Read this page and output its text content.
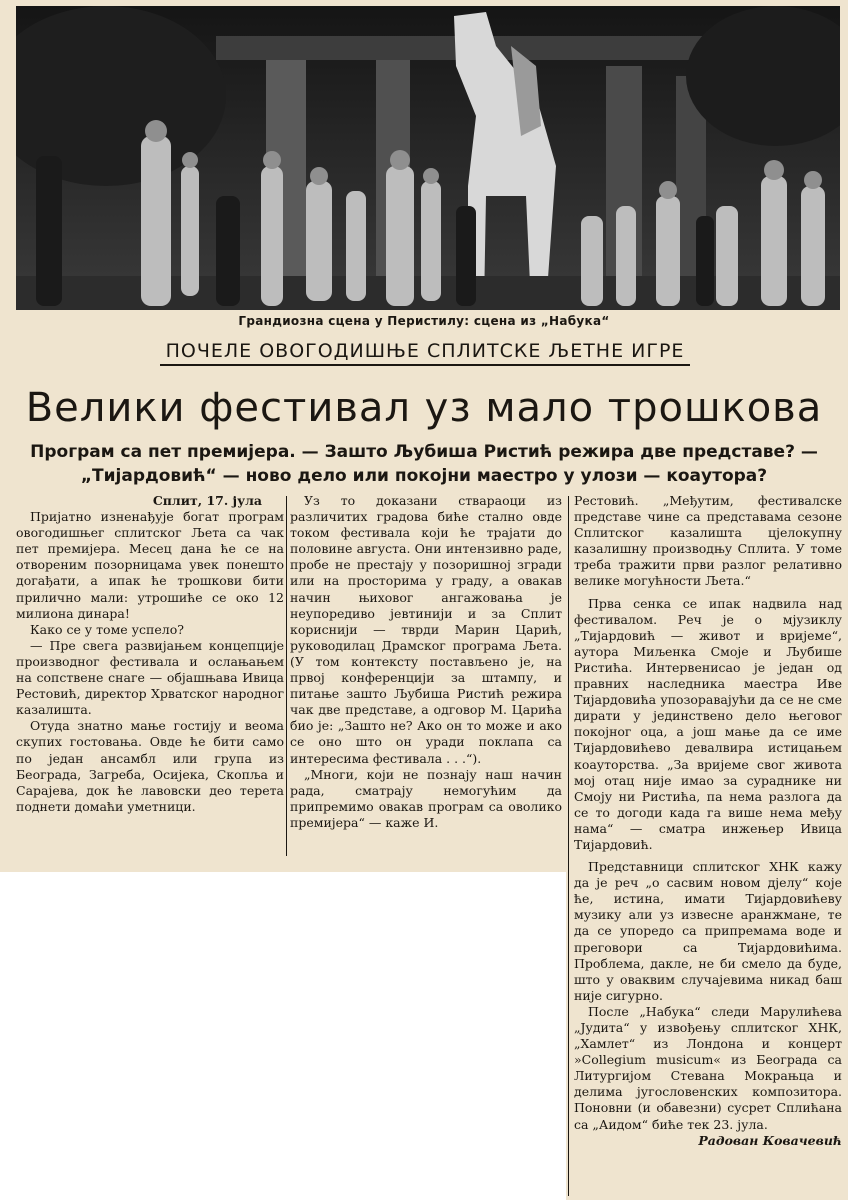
Грандиозна сцена у Перистилу: сцена из „Набука“
ПОЧЕЛЕ ОВОГОДИШЊЕ СПЛИТСКЕ ЉЕТНЕ ИГРЕ
Велики фестивал уз мало трошкова
Програм са пет премијера. — Зашто Љубиша Ристић режира две представе? —
„Тијардовић“ — ново дело или покојни маестро у улози — коаутора?

Сплит, 17. јула

Пријатно изненађује богат програм овогодишњег сплитског Љета са чак пет премијера. Месец дана ће се на отвореним позорницама увек понешто догађати, а ипак ће трошкови бити прилично мали: утрошиће се око 12 милиона динара!

Како се у томе успело?

— Пре свега развијањем концепције производног фестивала и ослањањем на сопствене снаге — објашњава Ивица Рестовић, директор Хрватског народног казалишта.

Отуда знатно мање гостију и веома скупих гостовања. Овде ће бити само по један ансамбл или група из Београда, Загреба, Осијека, Скопља и Сарајева, док ће лавовски део терета поднети домаћи уметници.

Уз то доказани ствараоци из различитих градова биће стално овде током фестивала који ће трајати до половине августа. Они интензивно раде, пробе не престају у позоришној згради или на просторима у граду, а овакав начин њиховог ангажовања је неупоредиво јевтинији и за Сплит кориснији — тврди Марин Царић, руководилац Драмског програма Љета. (У том контексту постављено је, на првој конференцији за штампу, и питање зашто Љубиша Ристић режира чак две представе, а одговор М. Царића био је: „Зашто не? Ако он то може и ако се оно што он уради поклапа са интересима фестивала . . .“).

„Многи, који не познају наш начин рада, сматрају немогућим да припремимо овакав програм са оволико премијера“ — каже И.

Рестовић. „Међутим, фестивалске представе чине са представама сезоне Сплитског казалишта цјелокупну казалишну производњу Сплита. У томе треба тражити први разлог релативно велике могућности Љета.“

Прва сенка се ипак надвила над фестивалом. Реч је о мјузиклу „Тијардовић — живот и вријеме“, аутора Миљенка Смоје и Љубише Ристића. Интервенисао је један од правних наследника маестра Иве Тијардовића упозоравајући да се не сме дирати у јединствено дело његовог покојног оца, а још мање да се име Тијардовићево девалвира истицањем коауторства. „За вријеме свог живота мој отац није имао за сураднике ни Смоју ни Ристића, па нема разлога да се то догоди када га више нема међу нама“ — сматра инжењер Ивица Тијардовић.

Представници сплитског ХНК кажу да је реч „о сасвим новом дјелу“ које ће, истина, имати Тијардовићеву музику али уз извесне аранжмане, те да се упоредо са припремама воде и преговори са Тијардовићима. Проблема, дакле, не би смело да буде, што у оваквим случајевима никад баш није сигурно.

После „Набука“ следи Марулићева „Јудита“ у извођењу сплитског ХНК, „Хамлет“ из Лондона и концерт »Collegium musicum« из Београда са Литургијом Стевана Мокрањца и делима југословенских композитора. Поновни (и обавезни) сусрет Сплићана са „Аидом“ биће тек 23. јула.

Радован Ковачевић
